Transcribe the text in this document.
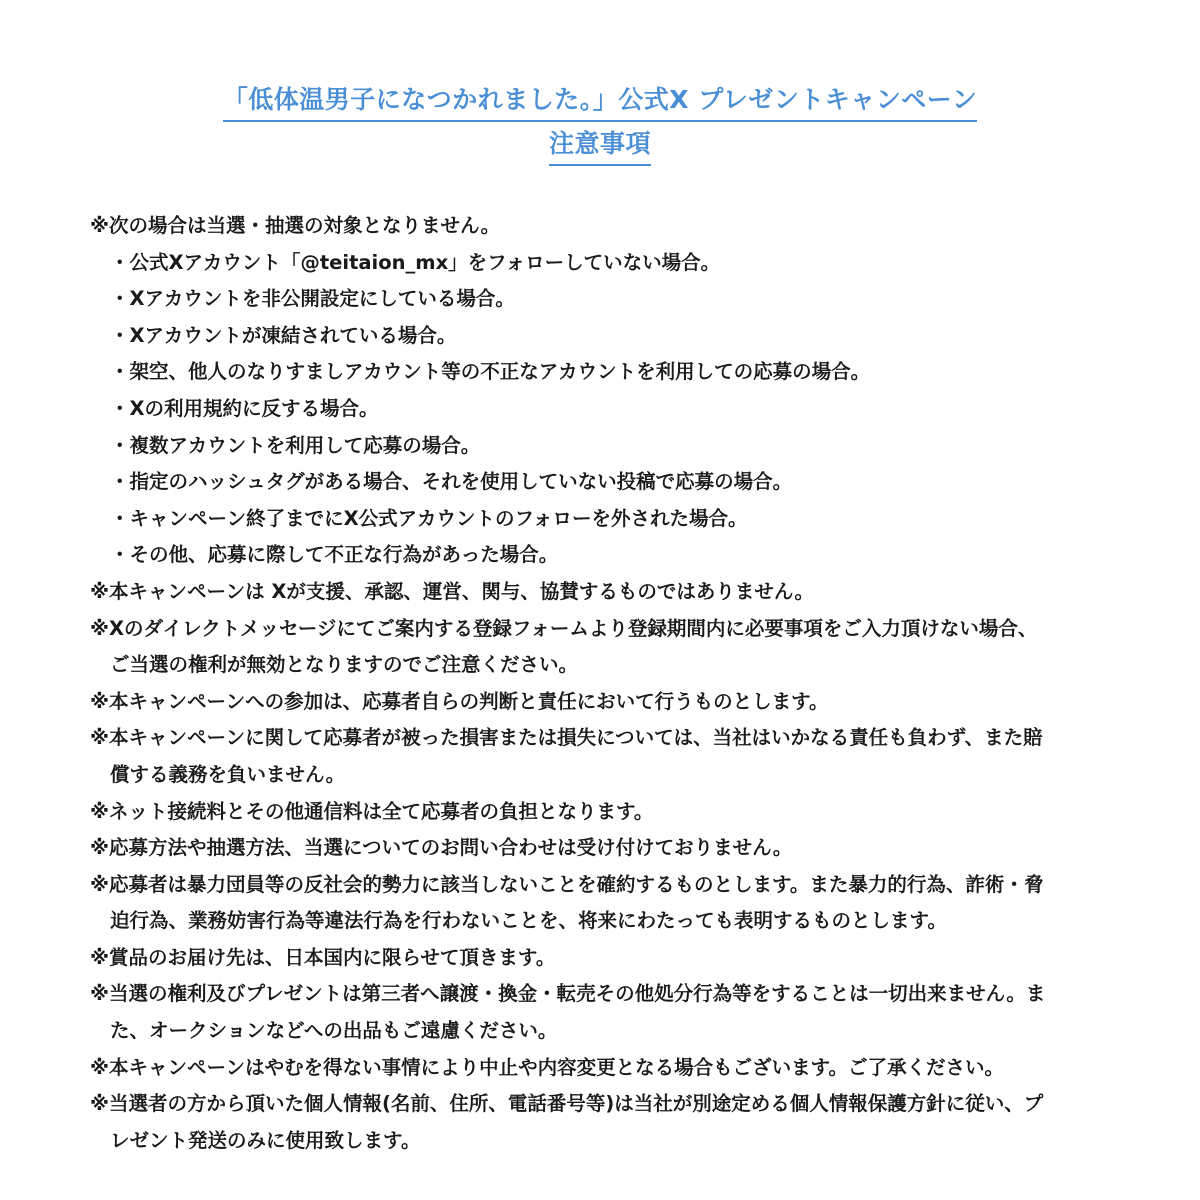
「低体温男子になつかれました。」公式X プレゼントキャンペーン
注意事項
※次の場合は当選・抽選の対象となりません。
・公式Xアカウント「@teitaion_mx」をフォローしていない場合。
・Xアカウントを非公開設定にしている場合。
・Xアカウントが凍結されている場合。
・架空、他人のなりすましアカウント等の不正なアカウントを利用しての応募の場合。
・Xの利用規約に反する場合。
・複数アカウントを利用して応募の場合。
・指定のハッシュタグがある場合、それを使用していない投稿で応募の場合。
・キャンペーン終了までにX公式アカウントのフォローを外された場合。
・その他、応募に際して不正な行為があった場合。
※本キャンペーンは Xが支援、承認、運営、関与、協賛するものではありません。
※Xのダイレクトメッセージにてご案内する登録フォームより登録期間内に必要事項をご入力頂けない場合、
ご当選の権利が無効となりますのでご注意ください。
※本キャンペーンへの参加は、応募者自らの判断と責任において行うものとします。
※本キャンペーンに関して応募者が被った損害または損失については、当社はいかなる責任も負わず、また賠
償する義務を負いません。
※ネット接続料とその他通信料は全て応募者の負担となります。
※応募方法や抽選方法、当選についてのお問い合わせは受け付けておりません。
※応募者は暴力団員等の反社会的勢力に該当しないことを確約するものとします。また暴力的行為、詐術・脅
迫行為、業務妨害行為等違法行為を行わないことを、将来にわたっても表明するものとします。
※賞品のお届け先は、日本国内に限らせて頂きます。
※当選の権利及びプレゼントは第三者へ譲渡・換金・転売その他処分行為等をすることは一切出来ません。ま
た、オークションなどへの出品もご遠慮ください。
※本キャンペーンはやむを得ない事情により中止や内容変更となる場合もございます。ご了承ください。
※当選者の方から頂いた個人情報(名前、住所、電話番号等)は当社が別途定める個人情報保護方針に従い、プ
レゼント発送のみに使用致します。
